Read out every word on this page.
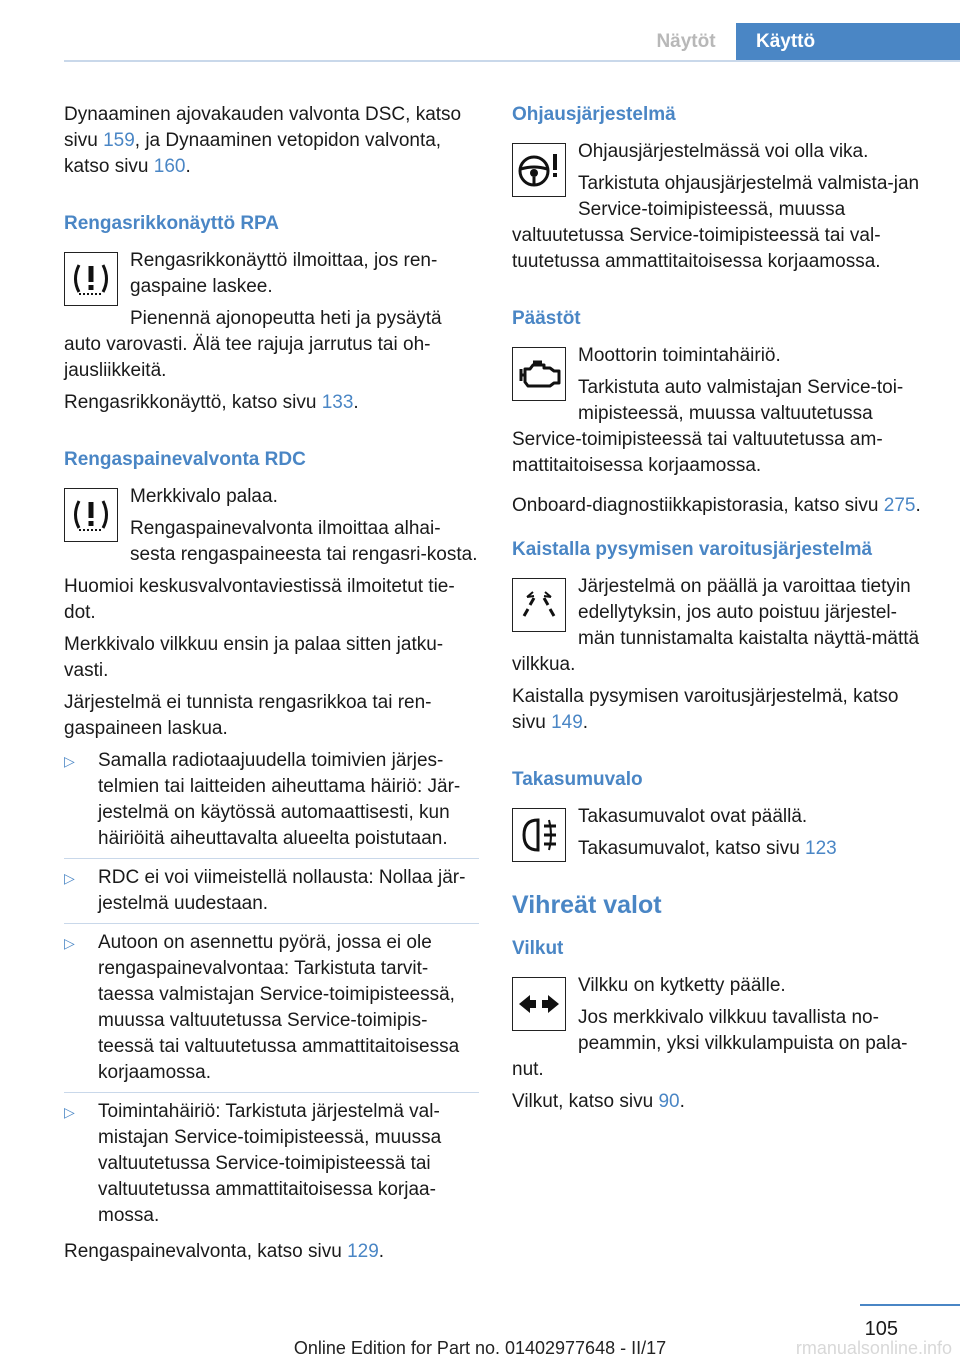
Näytöt	Käyttö

Dynaaminen ajovakauden valvonta DSC, katso sivu 159, ja Dynaaminen vetopidon valvonta, katso sivu 160.

Rengasrikkonäyttö RPA

Rengasrikkonäyttö ilmoittaa, jos ren-gaspaine laskee.

Pienennä ajonopeutta heti ja pysäytä auto varovasti. Älä tee rajuja jarrutus tai oh-jausliikkeitä.

Rengasrikkonäyttö, katso sivu 133.

Rengaspainevalvonta RDC

Merkkivalo palaa.

Rengaspainevalvonta ilmoittaa alhai-sesta rengaspaineesta tai rengasri-kosta.

Huomioi keskusvalvontaviestissä ilmoitetut tie-dot.

Merkkivalo vilkkuu ensin ja palaa sitten jatku-vasti.

Järjestelmä ei tunnista rengasrikkoa tai ren-gaspaineen laskua.

▷	Samalla radiotaajuudella toimivien järjes-telmien tai laitteiden aiheuttama häiriö: Jär-jestelmä on käytössä automaattisesti, kun häiriöitä aiheuttavalta alueelta poistutaan.
▷	RDC ei voi viimeistellä nollausta: Nollaa jär-jestelmä uudestaan.
▷	Autoon on asennettu pyörä, jossa ei ole rengaspainevalvontaa: Tarkistuta tarvit-taessa valmistajan Service-toimipisteessä, muussa valtuutetussa Service-toimipis-teessä tai valtuutetussa ammattitaitoisessa korjaamossa.
▷	Toimintahäiriö: Tarkistuta järjestelmä val-mistajan Service-toimipisteessä, muussa valtuutetussa Service-toimipisteessä tai valtuutetussa ammattitaitoisessa korjaa-mossa.

Rengaspainevalvonta, katso sivu 129.

Ohjausjärjestelmä

Ohjausjärjestelmässä voi olla vika.

Tarkistuta ohjausjärjestelmä valmista-jan Service-toimipisteessä, muussa valtuutetussa Service-toimipisteessä tai val-tuutetussa ammattitaitoisessa korjaamossa.

Päästöt

Moottorin toimintahäiriö.

Tarkistuta auto valmistajan Service-toi-mipisteessä, muussa valtuutetussa Service-toimipisteessä tai valtuutetussa am-mattitaitoisessa korjaamossa.

Onboard-diagnostiikkapistorasia, katso sivu 275.

Kaistalla pysymisen varoitusjärjestelmä

Järjestelmä on päällä ja varoittaa tietyin edellytyksin, jos auto poistuu järjestel-män tunnistamalta kaistalta näyttä-mättä vilkkua.

Kaistalla pysymisen varoitusjärjestelmä, katso sivu 149.

Takasumuvalo

Takasumuvalot ovat päällä.

Takasumuvalot, katso sivu 123

Vihreät valot
Vilkut

Vilkku on kytketty päälle.

Jos merkkivalo vilkkuu tavallista no-peammin, yksi vilkkulampuista on pala-nut.

Vilkut, katso sivu 90.

105
Online Edition for Part no. 01402977648 - II/17	rmanualsonline.info
